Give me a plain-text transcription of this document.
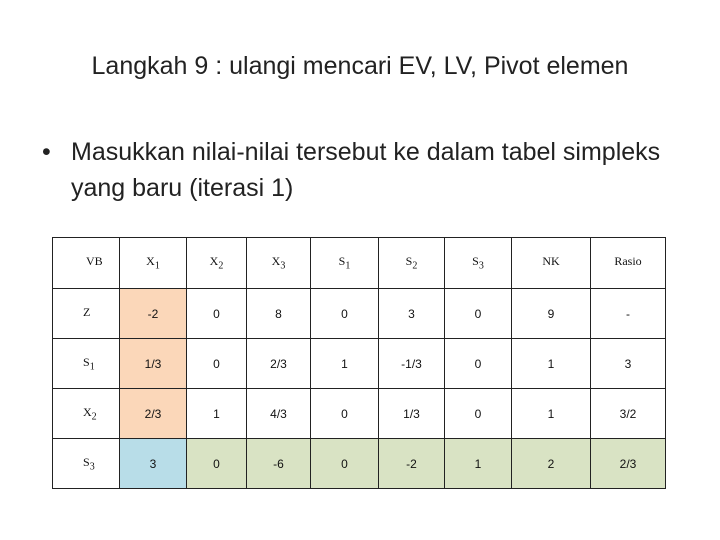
Langkah 9 : ulangi mencari EV, LV, Pivot elemen
• Masukkan nilai-nilai tersebut ke dalam tabel simpleks yang baru (iterasi 1)
VB	$X_1$	$X_2$	$X_3$	$S_1$	$S_2$	$S_3$	NK	Rasio
Z	-2	0	8	0	3	0	9	-
$S_1$	1/3	0	2/3	1	-1/3	0	1	3
$X_2$	2/3	1	4/3	0	1/3	0	1	3/2
$S_3$	3	0	-6	0	-2	1	2	2/3
